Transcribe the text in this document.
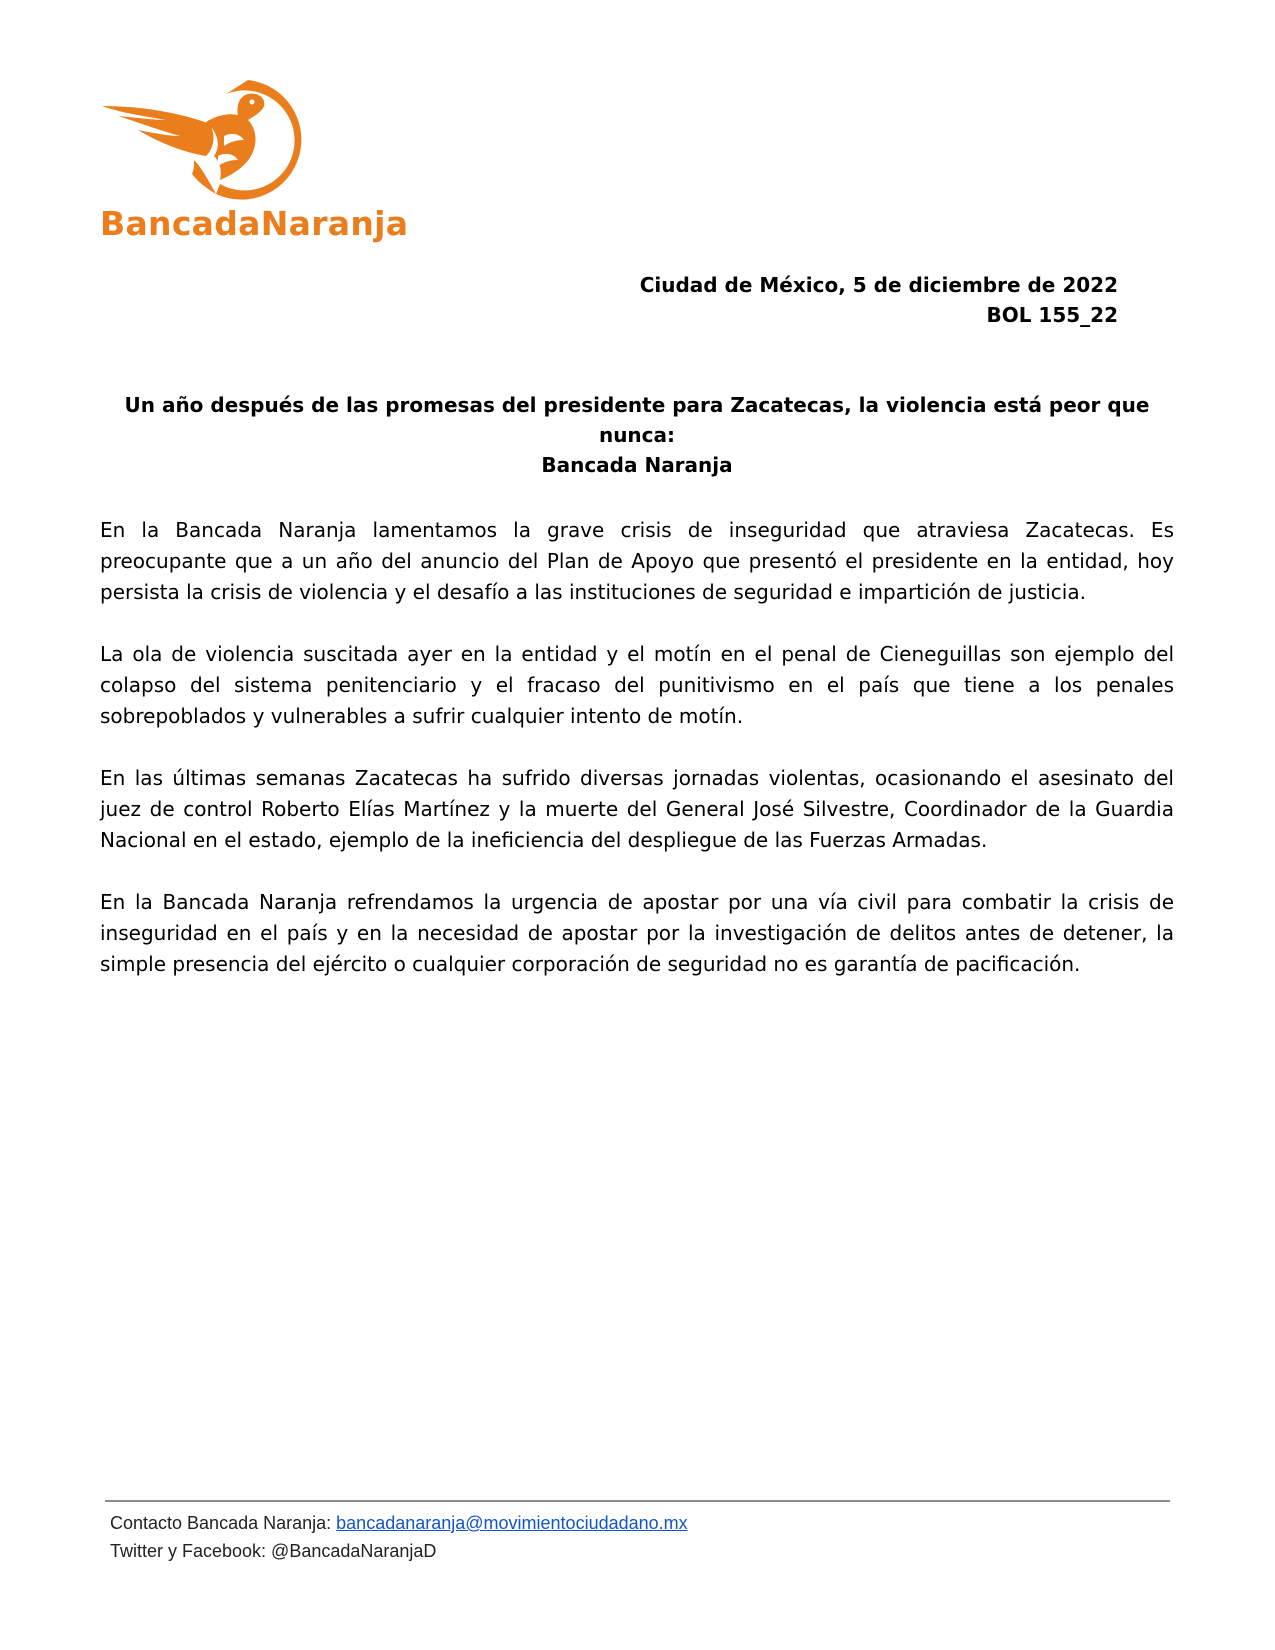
BancadaNaranja
Ciudad de México, 5 de diciembre de 2022
BOL 155_22
Un año después de las promesas del presidente para Zacatecas, la violencia está peor que nunca:
Bancada Naranja

En la Bancada Naranja lamentamos la grave crisis de inseguridad que atraviesa Zacatecas. Es preocupante que a un año del anuncio del Plan de Apoyo que presentó el presidente en la entidad, hoy persista la crisis de violencia y el desafío a las instituciones de seguridad e impartición de justicia.

La ola de violencia suscitada ayer en la entidad y el motín en el penal de Cieneguillas son ejemplo del colapso del sistema penitenciario y el fracaso del punitivismo en el país que tiene a los penales sobrepoblados y vulnerables a sufrir cualquier intento de motín.

En las últimas semanas Zacatecas ha sufrido diversas jornadas violentas, ocasionando el asesinato del juez de control Roberto Elías Martínez y la muerte del General José Silvestre, Coordinador de la Guardia Nacional en el estado, ejemplo de la ineficiencia del despliegue de las Fuerzas Armadas.

En la Bancada Naranja refrendamos la urgencia de apostar por una vía civil para combatir la crisis de inseguridad en el país y en la necesidad de apostar por la investigación de delitos antes de detener, la simple presencia del ejército o cualquier corporación de seguridad no es garantía de pacificación.

Contacto Bancada Naranja: bancadanaranja@movimientociudadano.mx
Twitter y Facebook: @BancadaNaranjaD
